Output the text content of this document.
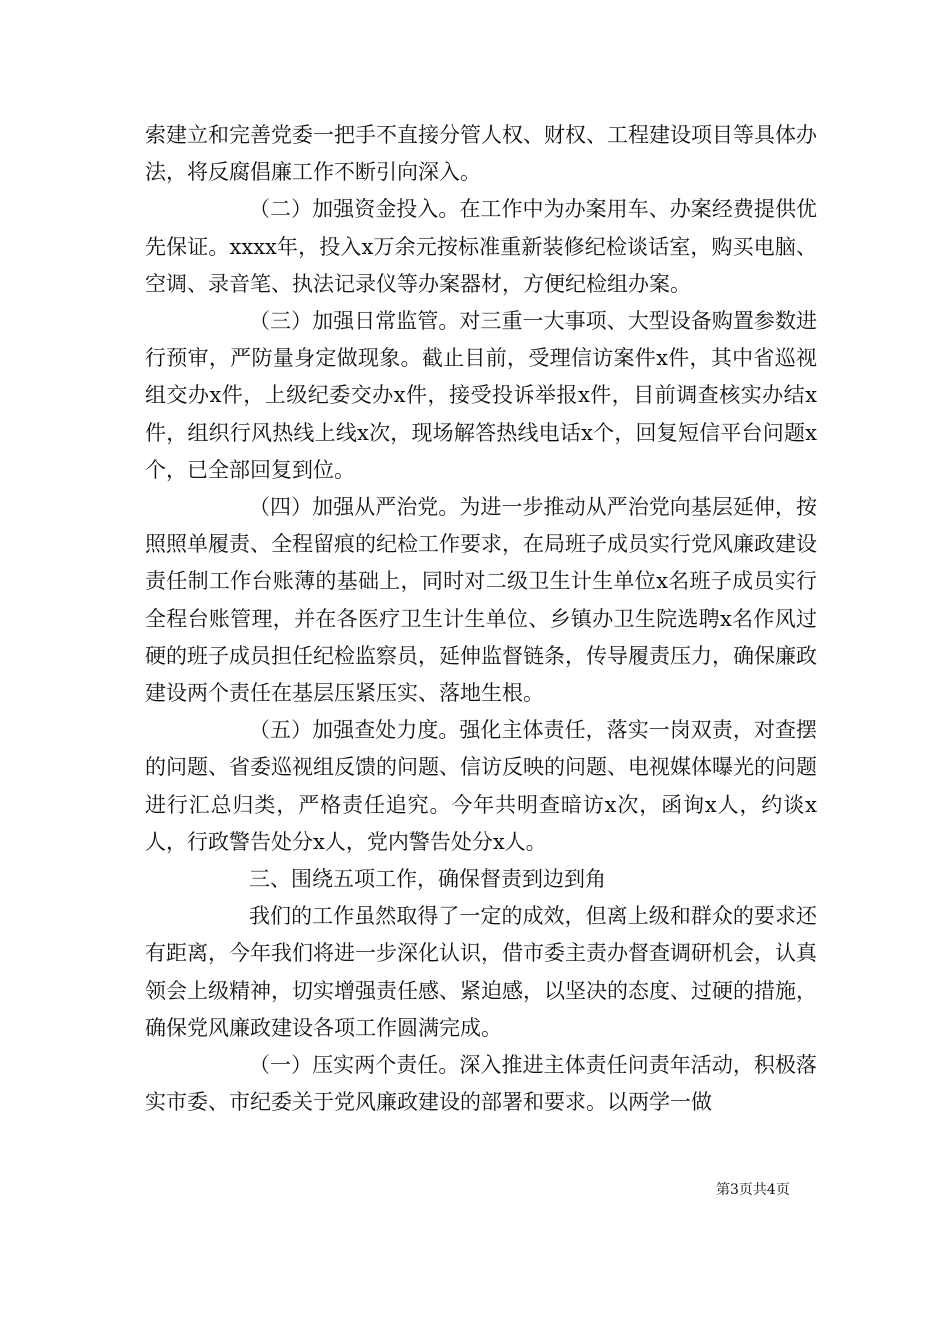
索建立和完善党委一把手不直接分管人权、财权、工程建设项目等具体办法，将反腐倡廉工作不断引向深入。

（二）加强资金投入。在工作中为办案用车、办案经费提供优先保证。xxxx年，投入x万余元按标准重新装修纪检谈话室，购买电脑、空调、录音笔、执法记录仪等办案器材，方便纪检组办案。

（三）加强日常监管。对三重一大事项、大型设备购置参数进行预审，严防量身定做现象。截止目前，受理信访案件x件，其中省巡视组交办x件，上级纪委交办x件，接受投诉举报x件，目前调查核实办结x件，组织行风热线上线x次，现场解答热线电话x个，回复短信平台问题x个，已全部回复到位。

（四）加强从严治党。为进一步推动从严治党向基层延伸，按照照单履责、全程留痕的纪检工作要求，在局班子成员实行党风廉政建设责任制工作台账薄的基础上，同时对二级卫生计生单位x名班子成员实行全程台账管理，并在各医疗卫生计生单位、乡镇办卫生院选聘x名作风过硬的班子成员担任纪检监察员，延伸监督链条，传导履责压力，确保廉政建设两个责任在基层压紧压实、落地生根。

（五）加强查处力度。强化主体责任，落实一岗双责，对查摆的问题、省委巡视组反馈的问题、信访反映的问题、电视媒体曝光的问题进行汇总归类，严格责任追究。今年共明查暗访x次，函询x人，约谈x人，行政警告处分x人，党内警告处分x人。

三、围绕五项工作，确保督责到边到角

我们的工作虽然取得了一定的成效，但离上级和群众的要求还有距离，今年我们将进一步深化认识，借市委主责办督查调研机会，认真领会上级精神，切实增强责任感、紧迫感，以坚决的态度、过硬的措施，确保党风廉政建设各项工作圆满完成。

（一）压实两个责任。深入推进主体责任问责年活动，积极落实市委、市纪委关于党风廉政建设的部署和要求。以两学一做

第3页共4页
